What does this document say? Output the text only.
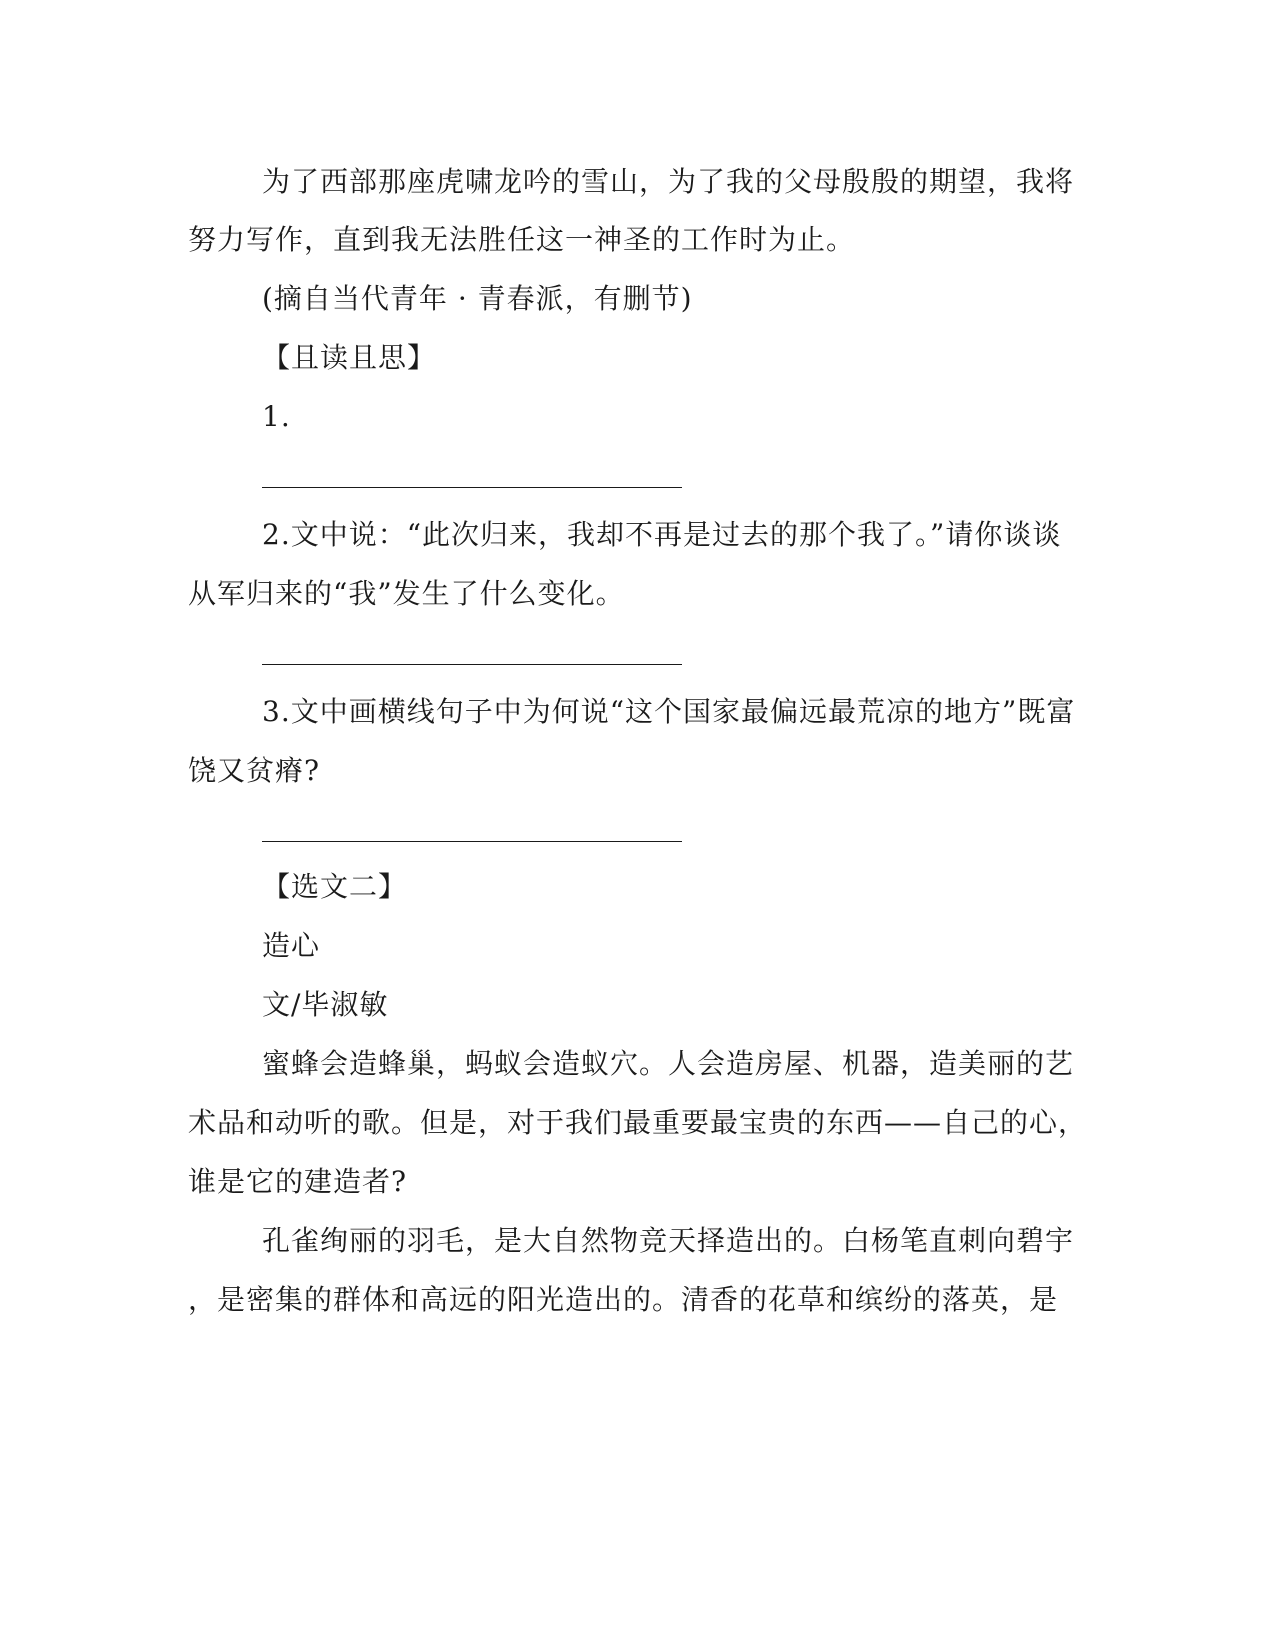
为了西部那座虎啸龙吟的雪山，为了我的父母殷殷的期望，我将
努力写作，直到我无法胜任这一神圣的工作时为止。
(摘自当代青年 · 青春派，有删节)
【且读且思】
1.
2.文中说：“此次归来，我却不再是过去的那个我了。”请你谈谈
从军归来的“我”发生了什么变化。
3.文中画横线句子中为何说“这个国家最偏远最荒凉的地方”既富
饶又贫瘠?
【选文二】
造心
文/毕淑敏
蜜蜂会造蜂巢，蚂蚁会造蚁穴。人会造房屋、机器，造美丽的艺
术品和动听的歌。但是，对于我们最重要最宝贵的东西——自己的心，
谁是它的建造者?
孔雀绚丽的羽毛，是大自然物竞天择造出的。白杨笔直刺向碧宇
，是密集的群体和高远的阳光造出的。清香的花草和缤纷的落英，是
